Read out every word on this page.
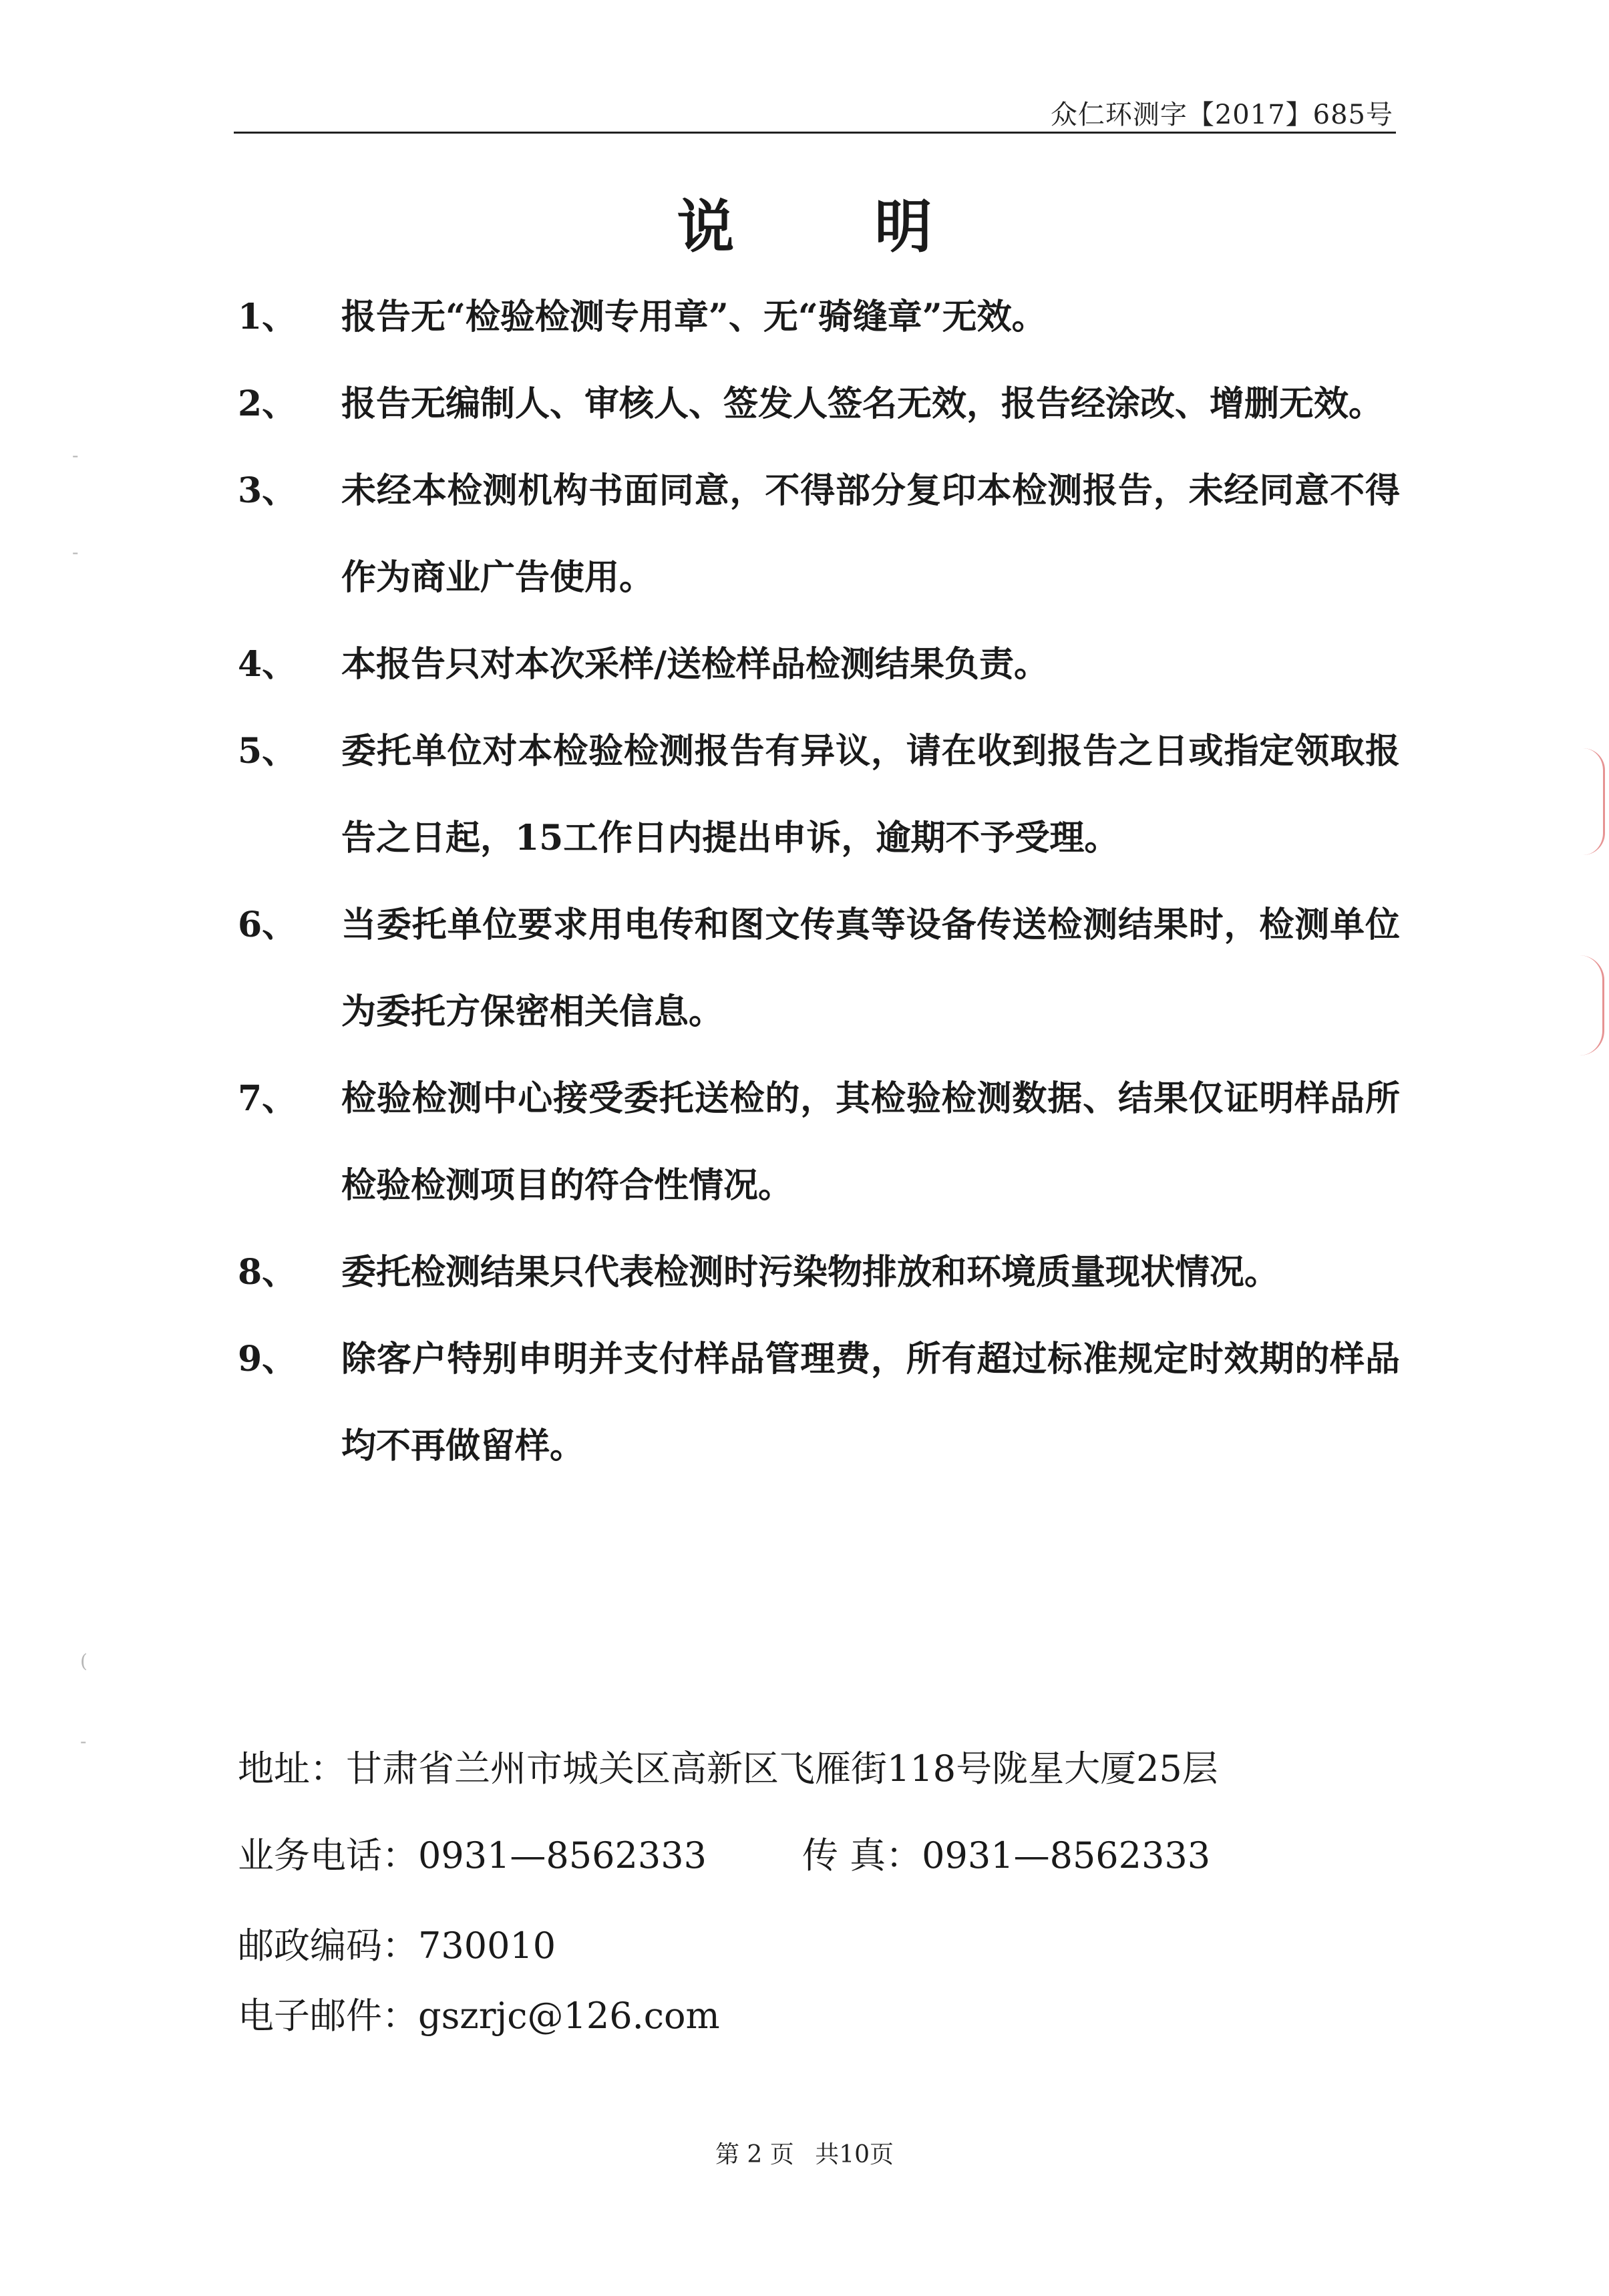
众仁环测字【2017】685号
说 明
1、	报告无“检验检测专用章”、无“骑缝章”无效。
2、	报告无编制人、审核人、签发人签名无效，报告经涂改、增删无效。
3、	未经本检测机构书面同意，不得部分复印本检测报告，未经同意不得作为商业广告使用。
4、	本报告只对本次采样/送检样品检测结果负责。
5、	委托单位对本检验检测报告有异议，请在收到报告之日或指定领取报告之日起，15工作日内提出申诉，逾期不予受理。
6、	当委托单位要求用电传和图文传真等设备传送检测结果时，检测单位为委托方保密相关信息。
7、	检验检测中心接受委托送检的，其检验检测数据、结果仅证明样品所检验检测项目的符合性情况。
8、	委托检测结果只代表检测时污染物排放和环境质量现状情况。
9、	除客户特别申明并支付样品管理费，所有超过标准规定时效期的样品均不再做留样。
地址：甘肃省兰州市城关区高新区飞雁街118号陇星大厦25层
业务电话：0931—8562333	传 真：0931—8562333
邮政编码：730010
电子邮件：gszrjc@126.com
第 2 页 共10页
-
-
(
-
